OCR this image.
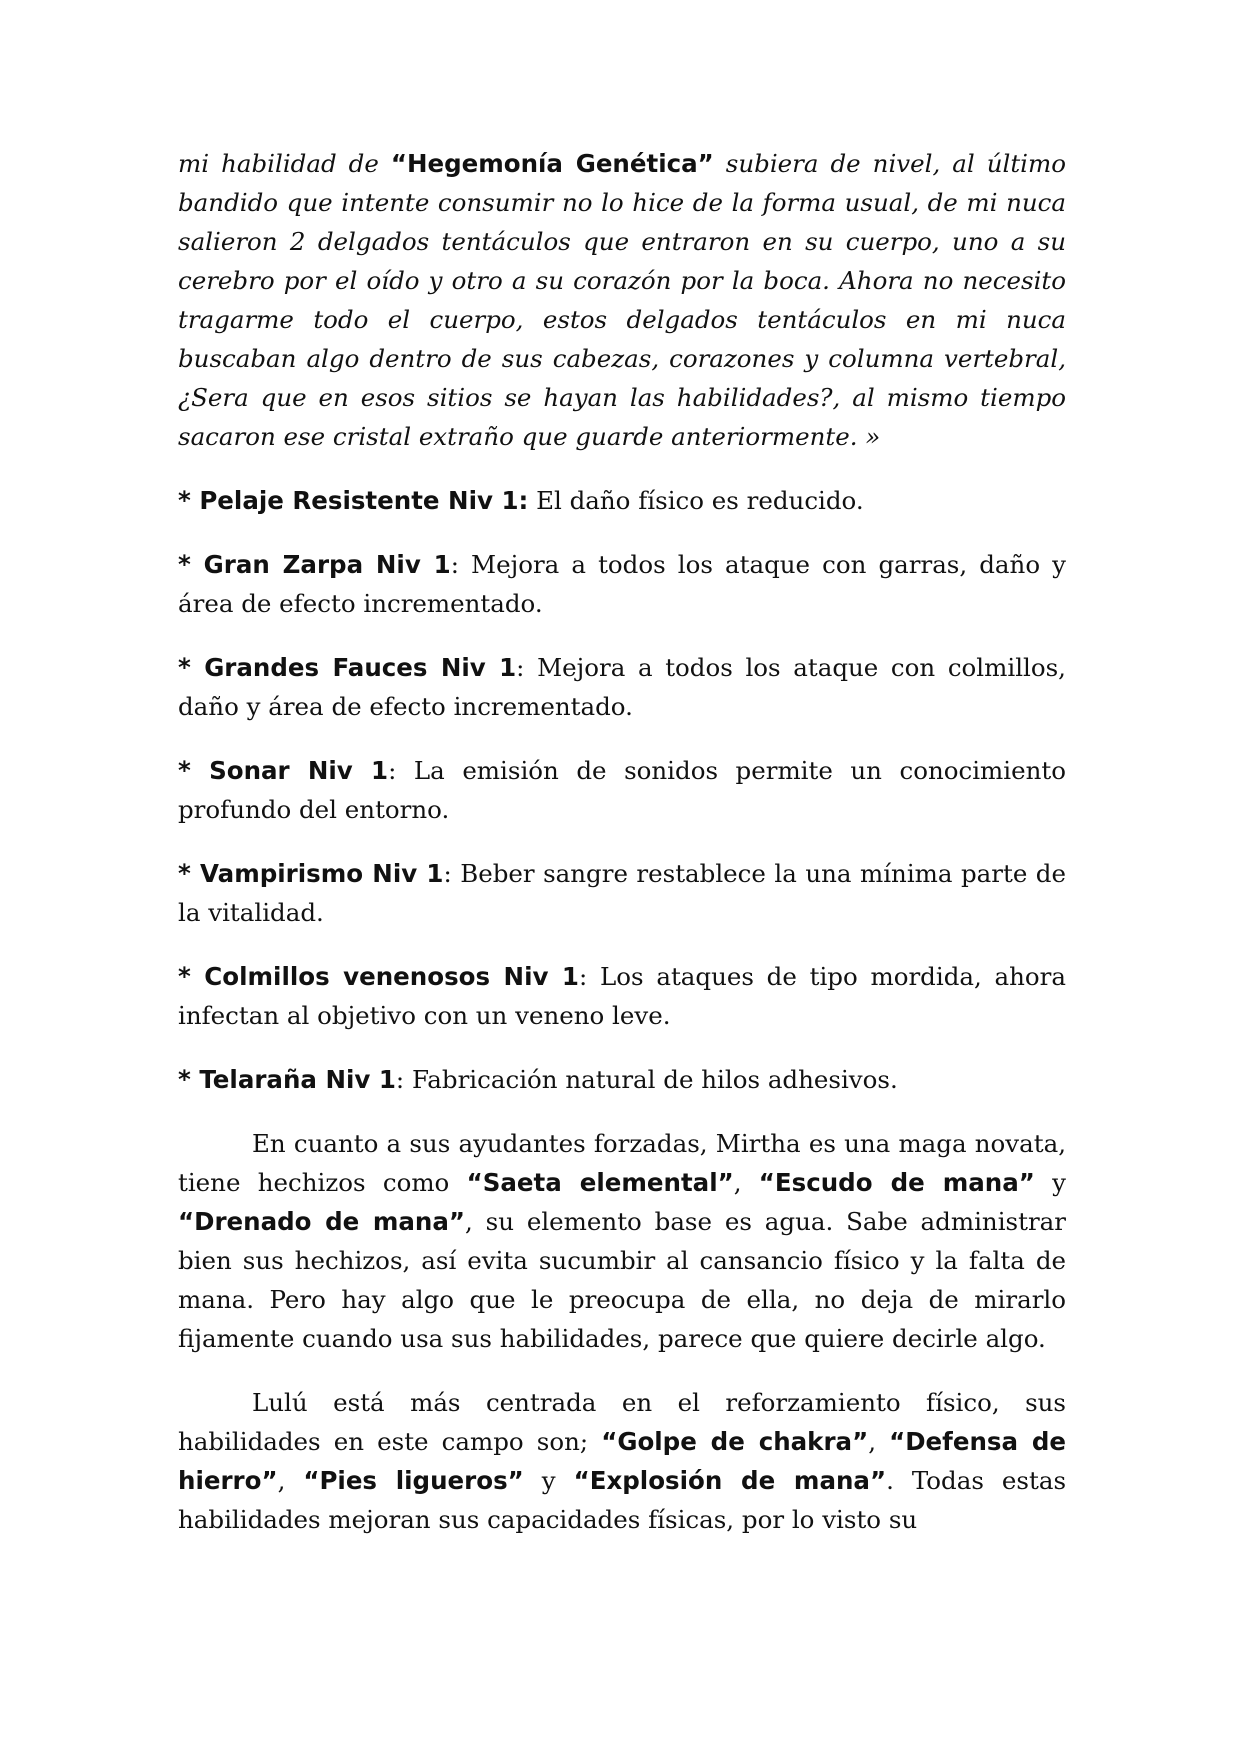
mi habilidad de “Hegemonía Genética” subiera de nivel, al último bandido que intente consumir no lo hice de la forma usual, de mi nuca salieron 2 delgados tentáculos que entraron en su cuerpo, uno a su cerebro por el oído y otro a su corazón por la boca. Ahora no necesito tragarme todo el cuerpo, estos delgados tentáculos en mi nuca buscaban algo dentro de sus cabezas, corazones y columna vertebral, ¿Sera que en esos sitios se hayan las habilidades?, al mismo tiempo sacaron ese cristal extraño que guarde anteriormente. »

* Pelaje Resistente Niv 1: El daño físico es reducido.

* Gran Zarpa Niv 1: Mejora a todos los ataque con garras, daño y área de efecto incrementado.

* Grandes Fauces Niv 1: Mejora a todos los ataque con colmillos, daño y área de efecto incrementado.

* Sonar Niv 1: La emisión de sonidos permite un conocimiento profundo del entorno.

* Vampirismo Niv 1: Beber sangre restablece la una mínima parte de la vitalidad.

* Colmillos venenosos Niv 1: Los ataques de tipo mordida, ahora infectan al objetivo con un veneno leve.

* Telaraña Niv 1: Fabricación natural de hilos adhesivos.

En cuanto a sus ayudantes forzadas, Mirtha es una maga novata, tiene hechizos como “Saeta elemental”, “Escudo de mana” y “Drenado de mana”, su elemento base es agua. Sabe administrar bien sus hechizos, así evita sucumbir al cansancio físico y la falta de mana. Pero hay algo que le preocupa de ella, no deja de mirarlo fijamente cuando usa sus habilidades, parece que quiere decirle algo.

Lulú está más centrada en el reforzamiento físico, sus habilidades en este campo son; “Golpe de chakra”, “Defensa de hierro”, “Pies ligueros” y “Explosión de mana”. Todas estas habilidades mejoran sus capacidades físicas, por lo visto su
